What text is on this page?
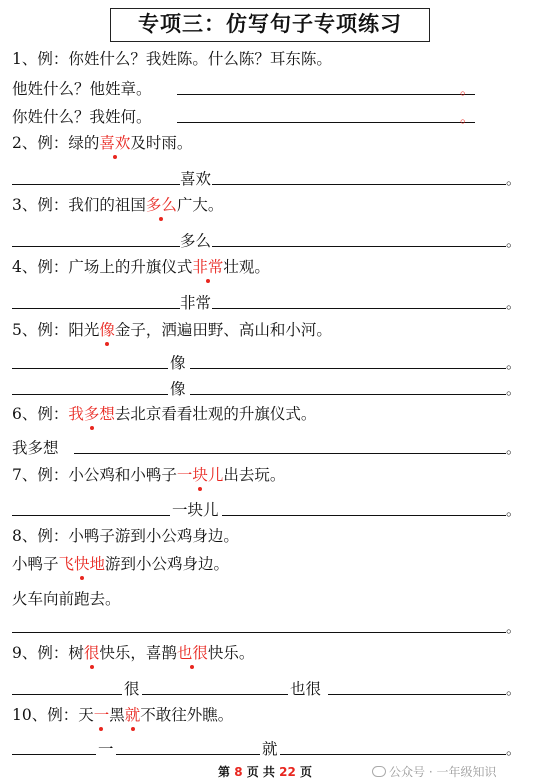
专项三：仿写句子专项练习
1、例：你姓什么？我姓陈。什么陈？耳东陈。
他姓什么？他姓章。	。
你姓什么？我姓何。	。
2、例：绿的喜欢及时雨。
喜欢	。
3、例：我们的祖国多么广大。
多么	。
4、例：广场上的升旗仪式非常壮观。
非常	。
5、例：阳光像金子，洒遍田野、高山和小河。
像	。
像	。
6、例：我多想去北京看看壮观的升旗仪式。
我多想	。
7、例：小公鸡和小鸭子一块儿出去玩。
一块儿	。
8、例：小鸭子游到小公鸡身边。
小鸭子飞快地游到小公鸡身边。
火车向前跑去。
。
9、例：树很快乐，喜鹊也很快乐。
很	也很	。
10、例：天一黑就不敢往外瞧。
一	就	。
第 8 页 共 22 页	公众号 · 一年级知识
